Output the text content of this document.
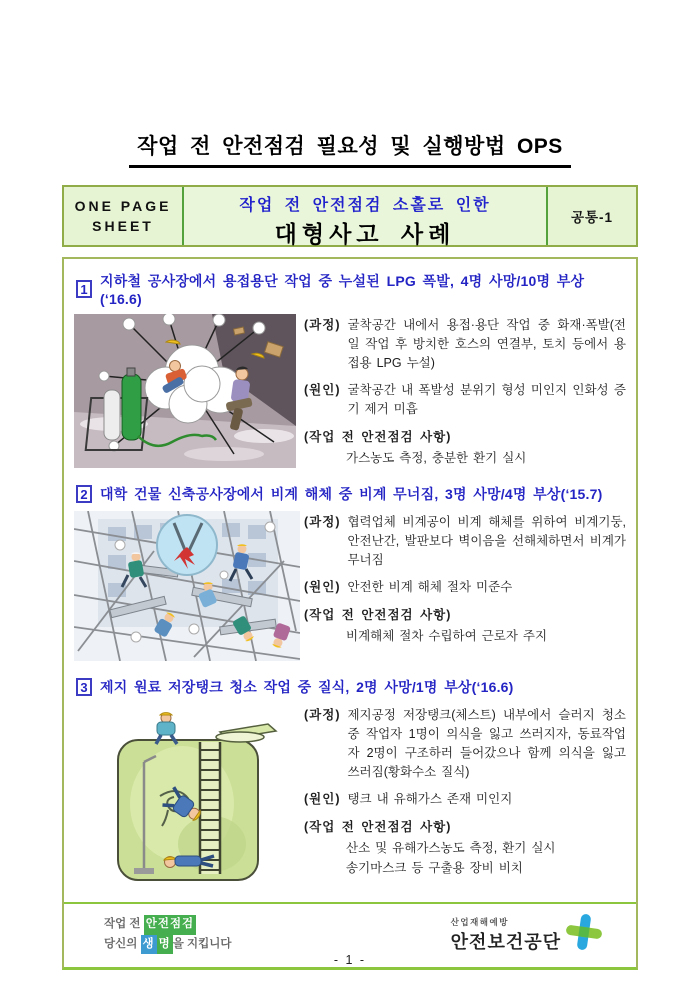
작업 전 안전점검 필요성 및 실행방법 OPS
ONE PAGE
SHEET
작업 전 안전점검 소홀로 인한
대형사고 사례
공통-1
1
지하철 공사장에서 용접용단 작업 중 누설된 LPG 폭발, 4명 사망/10명 부상(‘16.6)
(과정) 굴착공간 내에서 용접·용단 작업 중 화재·폭발(전일 작업 후 방치한 호스의 연결부, 토치 등에서 용접용 LPG 누설)
(원인) 굴착공간 내 폭발성 분위기 형성 미인지 인화성 증기 제거 미흡
(작업 전 안전점검 사항)
가스농도 측정, 충분한 환기 실시
2 대학 건물 신축공사장에서 비계 해체 중 비계 무너짐, 3명 사망/4명 부상(‘15.7)
(과정) 협력업체 비계공이 비계 해체를 위하여 비계기둥, 안전난간, 발판보다 벽이음을 선해체하면서 비계가 무너짐
(원인) 안전한 비계 해체 절차 미준수
(작업 전 안전점검 사항)
비계해체 절차 수립하여 근로자 주지
3 제지 원료 저장탱크 청소 작업 중 질식, 2명 사망/1명 부상(‘16.6)
(과정) 제지공정 저장탱크(체스트) 내부에서 슬러지 청소 중 작업자 1명이 의식을 잃고 쓰러지자, 동료작업자 2명이 구조하러 들어갔으나 함께 의식을 잃고 쓰러짐(황화수소 질식)
(원인) 탱크 내 유해가스 존재 미인지
(작업 전 안전점검 사항)
산소 및 유해가스농도 측정, 환기 실시
송기마스크 등 구출용 장비 비치
작업 전 안전점검
당신의 생 명 을 지킵니다
산업재해예방
안전보건공단
- 1 -
